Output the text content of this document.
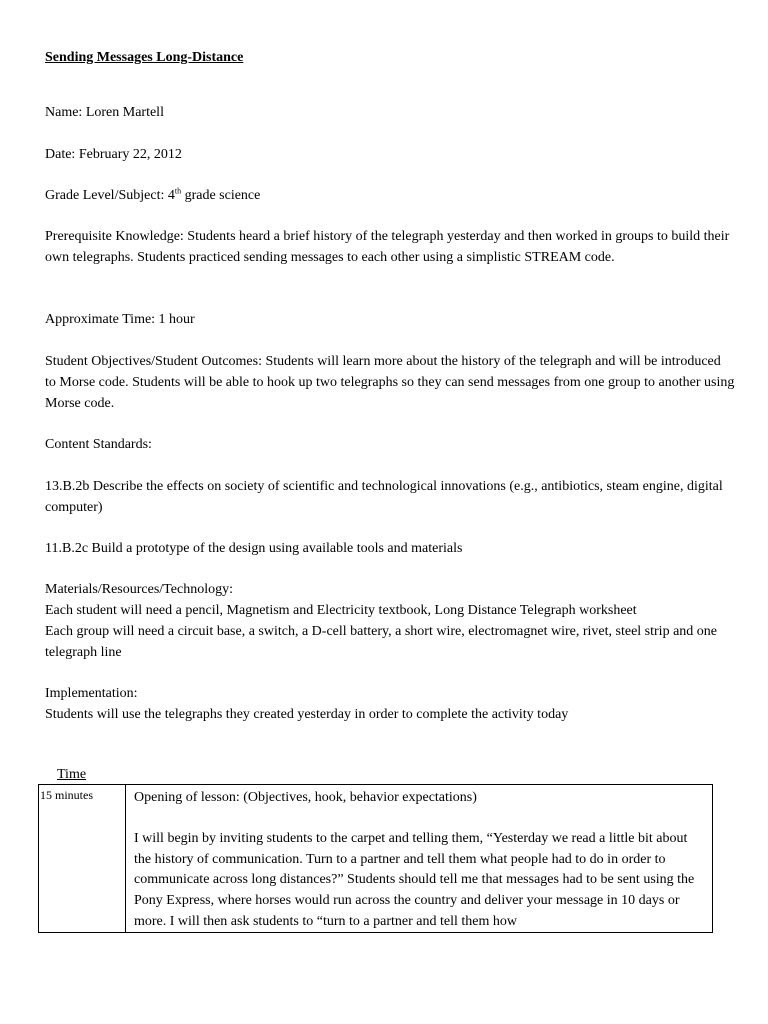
Sending Messages Long-Distance
Name: Loren Martell
Date: February 22, 2012
Grade Level/Subject: 4th grade science
Prerequisite Knowledge: Students heard a brief history of the telegraph yesterday and then worked in groups to build their own telegraphs. Students practiced sending messages to each other using a simplistic STREAM code.
Approximate Time: 1 hour
Student Objectives/Student Outcomes: Students will learn more about the history of the telegraph and will be introduced to Morse code. Students will be able to hook up two telegraphs so they can send messages from one group to another using Morse code.
Content Standards:
13.B.2b Describe the effects on society of scientific and technological innovations (e.g., antibiotics, steam engine, digital computer)
11.B.2c Build a prototype of the design using available tools and materials
Materials/Resources/Technology:
Each student will need a pencil, Magnetism and Electricity textbook, Long Distance Telegraph worksheet
Each group will need a circuit base, a switch, a D-cell battery, a short wire, electromagnet wire, rivet, steel strip and one telegraph line
Implementation:
Students will use the telegraphs they created yesterday in order to complete the activity today
Time
15 minutes	Opening of lesson: (Objectives, hook, behavior expectations)
I will begin by inviting students to the carpet and telling them, “Yesterday we read a little bit about the history of communication. Turn to a partner and tell them what people had to do in order to communicate across long distances?” Students should tell me that messages had to be sent using the Pony Express, where horses would run across the country and deliver your message in 10 days or more. I will then ask students to “turn to a partner and tell them how
